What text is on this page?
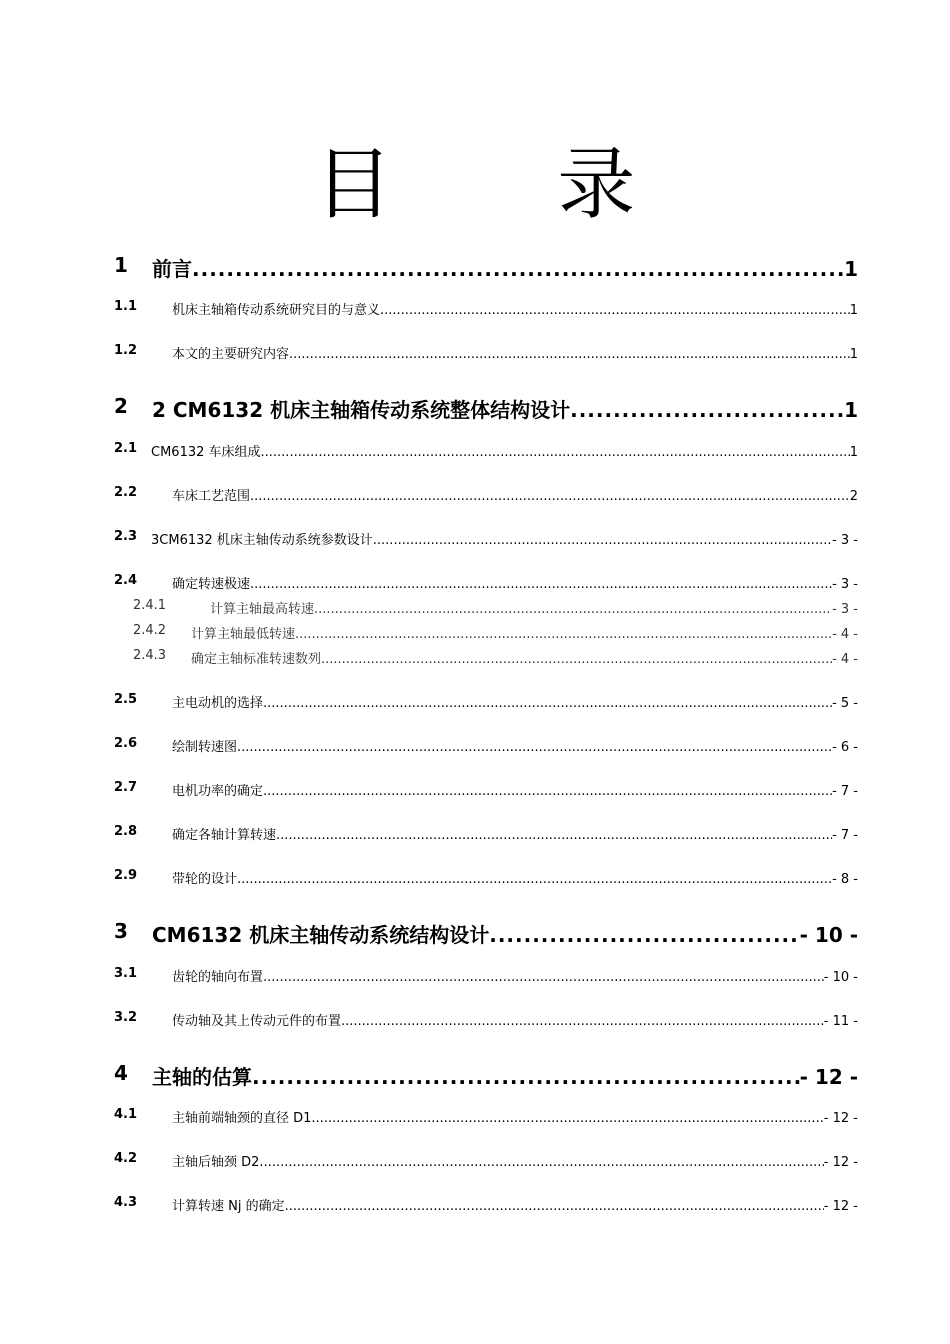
目 录
1 前言 .....	1
1.1	机床主轴箱传动系统研究目的与意义 .....	1
1.2	本文的主要研究内容 .....	1
2 2 CM6132 机床主轴箱传动系统整体结构设计 .....	1
2.1 CM6132 车床组成 .....	1
2.2	车床工艺范围 .....	2
2.3 3CM6132 机床主轴传动系统参数设计 .....	- 3 -
2.4	确定转速极速 .....	- 3 -
2.4.1	计算主轴最高转速 .....	- 3 -
2.4.2 计算主轴最低转速 .....	- 4 -
2.4.3 确定主轴标准转速数列 .....	- 4 -
2.5	主电动机的选择 .....	- 5 -
2.6	绘制转速图 .....	- 6 -
2.7	电机功率的确定 .....	- 7 -
2.8	确定各轴计算转速 .....	- 7 -
2.9	带轮的设计 .....	- 8 -
3 CM6132 机床主轴传动系统结构设计 .....	- 10 -
3.1	齿轮的轴向布置 .....	- 10 -
3.2	传动轴及其上传动元件的布置 .....	- 11 -
4 主轴的估算 .....	- 12 -
4.1	主轴前端轴颈的直径 D1 .....	- 12 -
4.2	主轴后轴颈 D2 .....	- 12 -
4.3	计算转速 Nj 的确定 .....	- 12 -
